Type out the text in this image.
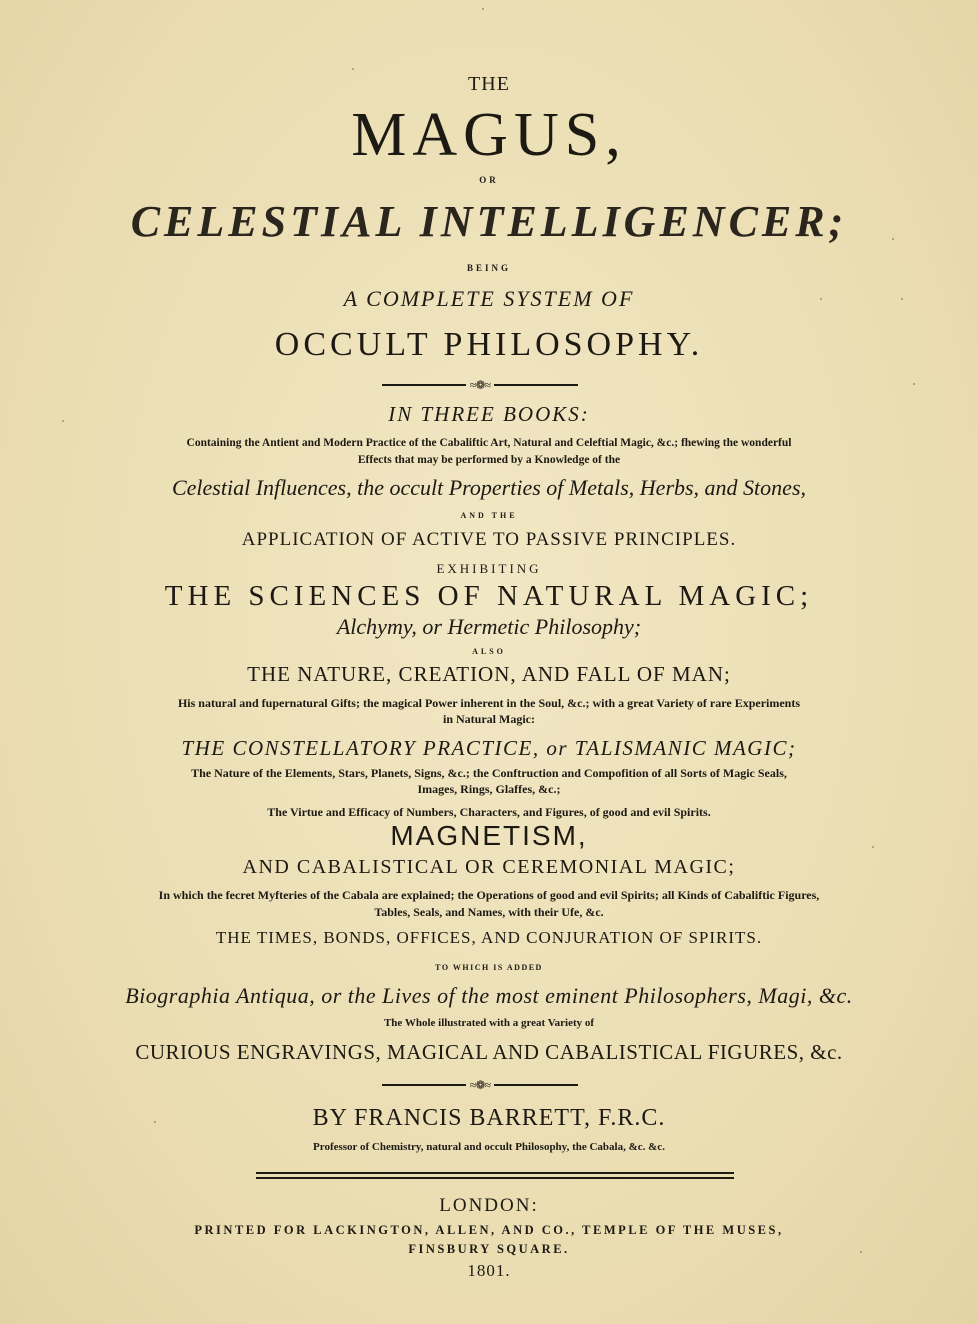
THE
MAGUS,
OR
CELESTIAL INTELLIGENCER;
BEING
A COMPLETE SYSTEM OF
OCCULT PHILOSOPHY.
≈❁≈
IN THREE BOOKS:
Containing the Antient and Modern Practice of the Cabaliftic Art, Natural and Celeftial Magic, &c.; fhewing the wonderful
Effects that may be performed by a Knowledge of the
Celestial Influences, the occult Properties of Metals, Herbs, and Stones,
AND THE
APPLICATION OF ACTIVE TO PASSIVE PRINCIPLES.
EXHIBITING
THE SCIENCES OF NATURAL MAGIC;
Alchymy, or Hermetic Philosophy;
ALSO
THE NATURE, CREATION, AND FALL OF MAN;
His natural and fupernatural Gifts; the magical Power inherent in the Soul, &c.; with a great Variety of rare Experiments
in Natural Magic:
THE CONSTELLATORY PRACTICE, or TALISMANIC MAGIC;
The Nature of the Elements, Stars, Planets, Signs, &c.; the Conftruction and Compofition of all Sorts of Magic Seals,
Images, Rings, Glaffes, &c.;
The Virtue and Efficacy of Numbers, Characters, and Figures, of good and evil Spirits.
MAGNETISM,
AND CABALISTICAL OR CEREMONIAL MAGIC;
In which the fecret Myfteries of the Cabala are explained; the Operations of good and evil Spirits; all Kinds of Cabaliftic Figures,
Tables, Seals, and Names, with their Ufe, &c.
THE TIMES, BONDS, OFFICES, AND CONJURATION OF SPIRITS.
TO WHICH IS ADDED
Biographia Antiqua, or the Lives of the most eminent Philosophers, Magi, &c.
The Whole illustrated with a great Variety of
CURIOUS ENGRAVINGS, MAGICAL AND CABALISTICAL FIGURES, &c.
≈❁≈
BY FRANCIS BARRETT, F.R.C.
Professor of Chemistry, natural and occult Philosophy, the Cabala, &c. &c.
LONDON:
PRINTED FOR LACKINGTON, ALLEN, AND CO., TEMPLE OF THE MUSES,
FINSBURY SQUARE.
1801.
